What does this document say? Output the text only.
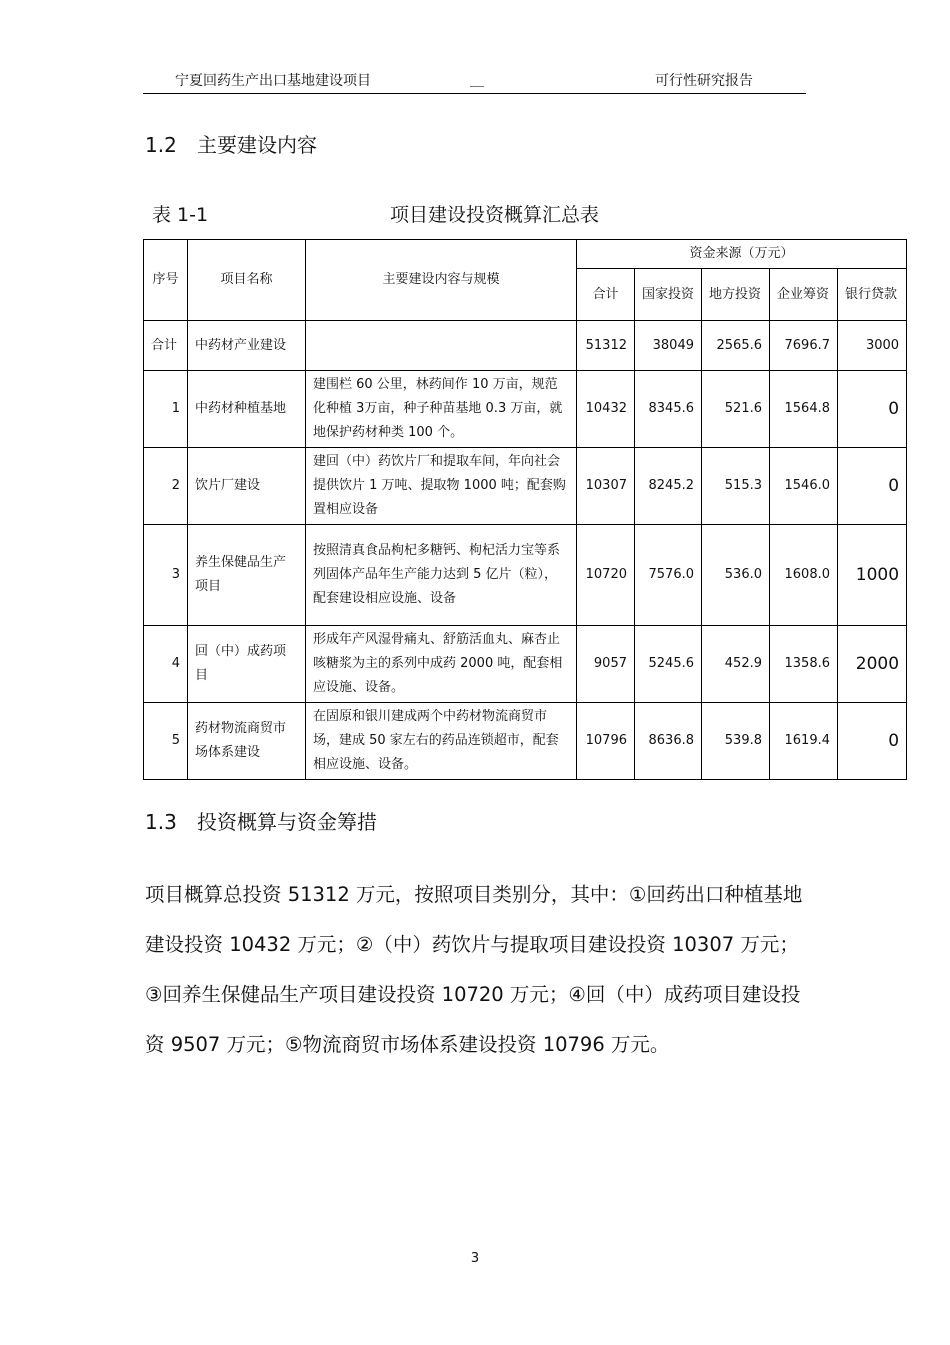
宁夏回药生产出口基地建设项目	＿	可行性研究报告
1.2 主要建设内容
表 1-1	项目建设投资概算汇总表
序号	项目名称	主要建设内容与规模	资金来源（万元）				
			合计	国家投资	地方投资	企业筹资	银行贷款
合计	中药材产业建设		51312	38049	2565.6	7696.7	3000
1	中药材种植基地	建围栏 60 公里，林药间作 10 万亩，规范化种植 3万亩，种子种苗基地 0.3 万亩，就地保护药材种类 100 个。	10432	8345.6	521.6	1564.8	0
2	饮片厂建设	建回（中）药饮片厂和提取车间，年向社会提供饮片 1 万吨、提取物 1000 吨；配套购置相应设备	10307	8245.2	515.3	1546.0	0
3	养生保健品生产项目	按照清真食品枸杞多糖钙、枸杞活力宝等系列固体产品年生产能力达到 5 亿片（粒），配套建设相应设施、设备	10720	7576.0	536.0	1608.0	1000
4	回（中）成药项目	形成年产风湿骨痛丸、舒筋活血丸、麻杏止咳糖浆为主的系列中成药 2000 吨，配套相应设施、设备。	9057	5245.6	452.9	1358.6	2000
5	药材物流商贸市场体系建设	在固原和银川建成两个中药材物流商贸市场，建成 50 家左右的药品连锁超市，配套相应设施、设备。	10796	8636.8	539.8	1619.4	0
1.3 投资概算与资金筹措

项目概算总投资 51312 万元，按照项目类别分，其中：①回药出口种植基地建设投资 10432 万元；②（中）药饮片与提取项目建设投资 10307 万元；③回养生保健品生产项目建设投资 10720 万元；④回（中）成药项目建设投资 9507 万元；⑤物流商贸市场体系建设投资 10796 万元。

3
